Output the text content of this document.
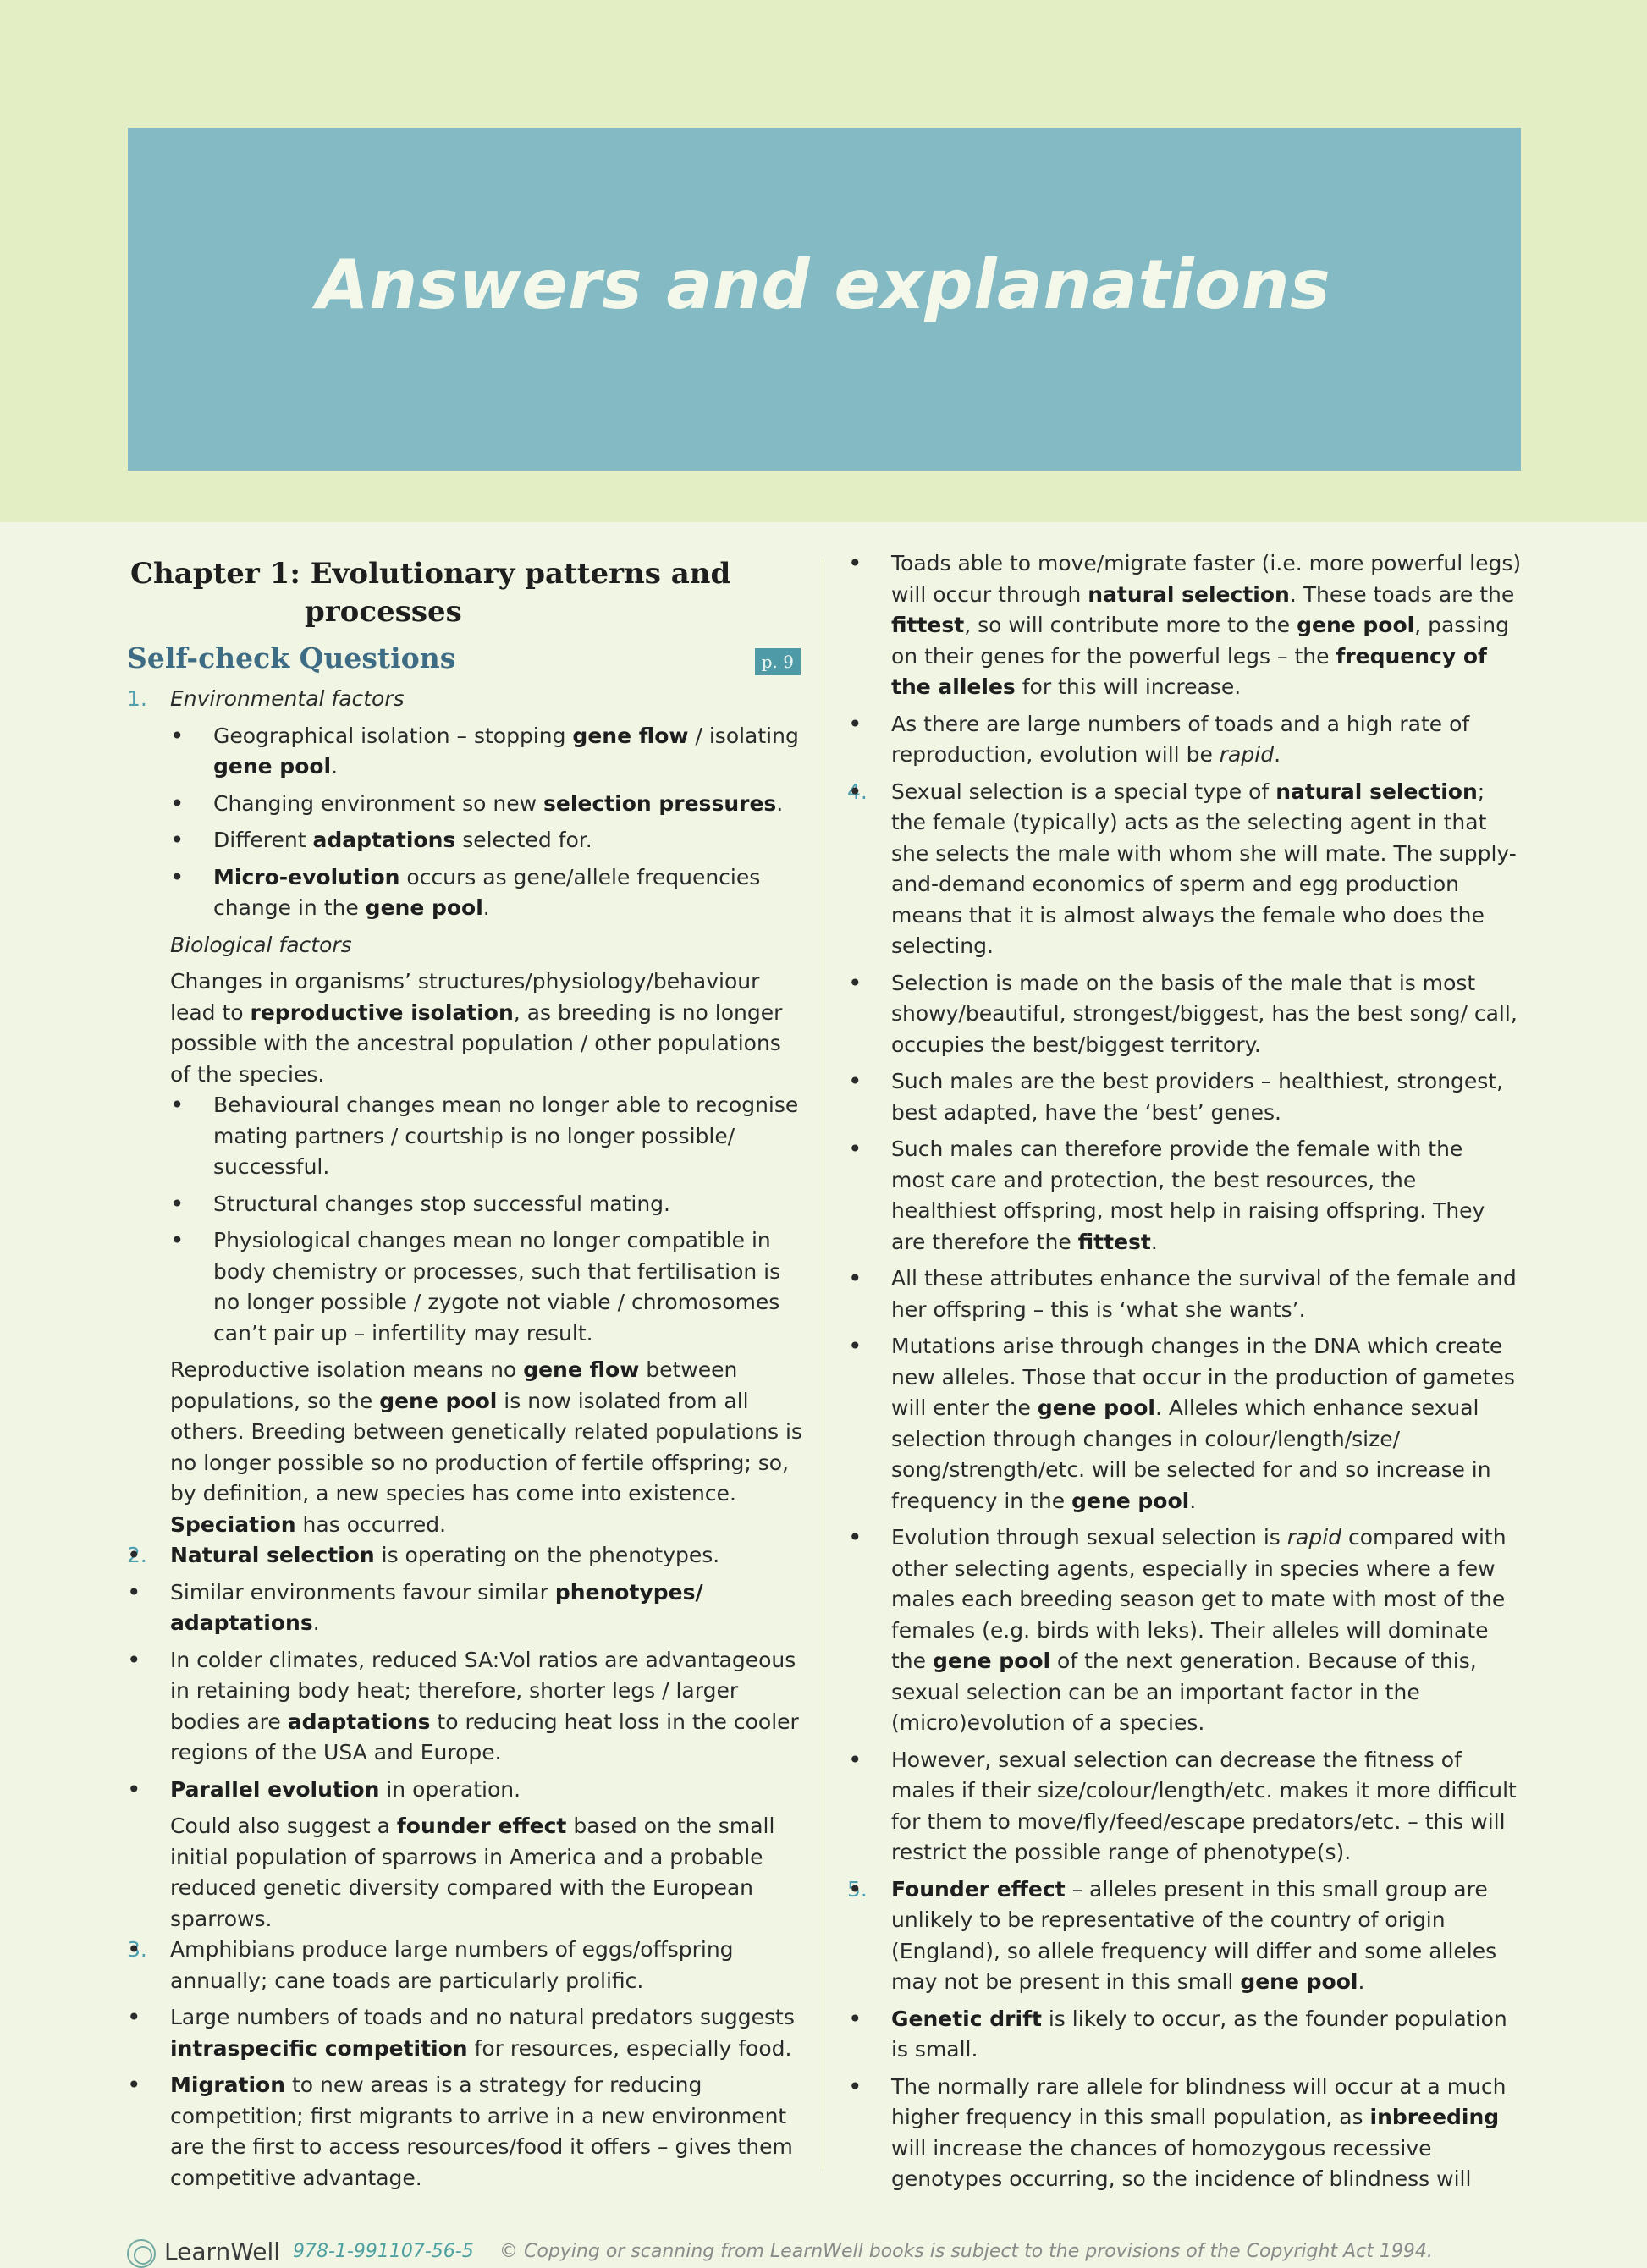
Answers and explanations
Chapter 1: Evolutionary patterns and
processes
Self-check Questions	p. 9
1. Environmental factors
• Geographical isolation – stopping gene flow / isolating gene pool.
• Changing environment so new selection pressures.
• Different adaptations selected for.
• Micro-evolution occurs as gene/allele frequencies change in the gene pool.
Biological factors
Changes in organisms’ structures/physiology/behaviour lead to reproductive isolation, as breeding is no longer possible with the ancestral population / other populations of the species.
• Behavioural changes mean no longer able to recognise mating partners / courtship is no longer possible/ successful.
• Structural changes stop successful mating.
• Physiological changes mean no longer compatible in body chemistry or processes, such that fertilisation is no longer possible / zygote not viable / chromosomes can’t pair up – infertility may result.
Reproductive isolation means no gene flow between populations, so the gene pool is now isolated from all others. Breeding between genetically related populations is no longer possible so no production of fertile offspring; so, by definition, a new species has come into existence. Speciation has occurred.
2.	• Natural selection is operating on the phenotypes.
• Similar environments favour similar phenotypes/ adaptations.
• In colder climates, reduced SA:Vol ratios are advantageous in retaining body heat; therefore, shorter legs / larger bodies are adaptations to reducing heat loss in the cooler regions of the USA and Europe.
• Parallel evolution in operation.
Could also suggest a founder effect based on the small initial population of sparrows in America and a probable reduced genetic diversity compared with the European sparrows.
3.	• Amphibians produce large numbers of eggs/offspring annually; cane toads are particularly prolific.
• Large numbers of toads and no natural predators suggests intraspecific competition for resources, especially food.
• Migration to new areas is a strategy for reducing competition; first migrants to arrive in a new environment are the first to access resources/food it offers – gives them competitive advantage.
• Toads able to move/migrate faster (i.e. more powerful legs) will occur through natural selection. These toads are the fittest, so will contribute more to the gene pool, passing on their genes for the powerful legs – the frequency of the alleles for this will increase.
• As there are large numbers of toads and a high rate of reproduction, evolution will be rapid.
4.	• Sexual selection is a special type of natural selection; the female (typically) acts as the selecting agent in that she selects the male with whom she will mate. The supply-and-demand economics of sperm and egg production means that it is almost always the female who does the selecting.
• Selection is made on the basis of the male that is most showy/beautiful, strongest/biggest, has the best song/ call, occupies the best/biggest territory.
• Such males are the best providers – healthiest, strongest, best adapted, have the ‘best’ genes.
• Such males can therefore provide the female with the most care and protection, the best resources, the healthiest offspring, most help in raising offspring. They are therefore the fittest.
• All these attributes enhance the survival of the female and her offspring – this is ‘what she wants’.
• Mutations arise through changes in the DNA which create new alleles. Those that occur in the production of gametes will enter the gene pool. Alleles which enhance sexual selection through changes in colour/length/size/ song/strength/etc. will be selected for and so increase in frequency in the gene pool.
• Evolution through sexual selection is rapid compared with other selecting agents, especially in species where a few males each breeding season get to mate with most of the females (e.g. birds with leks). Their alleles will dominate the gene pool of the next generation. Because of this, sexual selection can be an important factor in the (micro)evolution of a species.
• However, sexual selection can decrease the fitness of males if their size/colour/length/etc. makes it more difficult for them to move/fly/feed/escape predators/etc. – this will restrict the possible range of phenotype(s).
5.	• Founder effect – alleles present in this small group are unlikely to be representative of the country of origin (England), so allele frequency will differ and some alleles may not be present in this small gene pool.
• Genetic drift is likely to occur, as the founder population is small.
• The normally rare allele for blindness will occur at a much higher frequency in this small population, as inbreeding will increase the chances of homozygous recessive genotypes occurring, so the incidence of blindness will
LearnWell 978-1-991107-56-5 © Copying or scanning from LearnWell books is subject to the provisions of the Copyright Act 1994.
